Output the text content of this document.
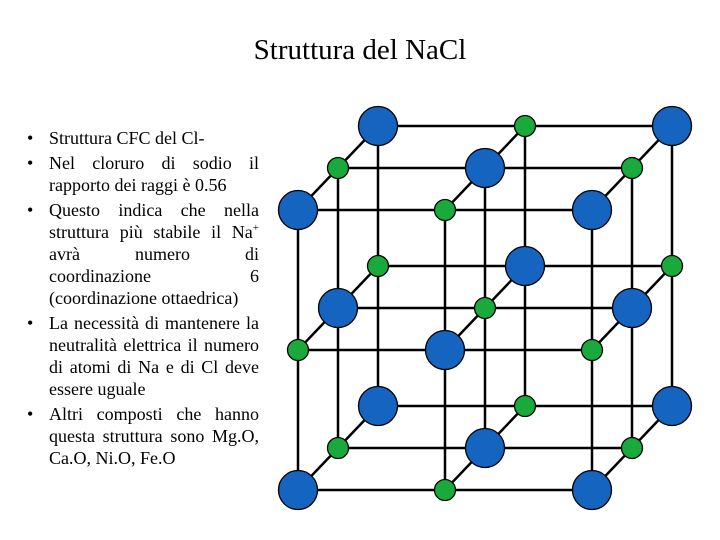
Struttura del NaCl
• Struttura CFC del Cl-
• Nel cloruro di sodio il rapporto dei raggi è 0.56
• Questo indica che nella struttura più stabile il Na+ avrà numero di coordinazione 6 (coordinazione ottaedrica)
• La necessità di mantenere la neutralità elettrica il numero di atomi di Na e di Cl deve essere uguale
• Altri composti che hanno questa struttura sono Mg.O, Ca.O, Ni.O, Fe.O
